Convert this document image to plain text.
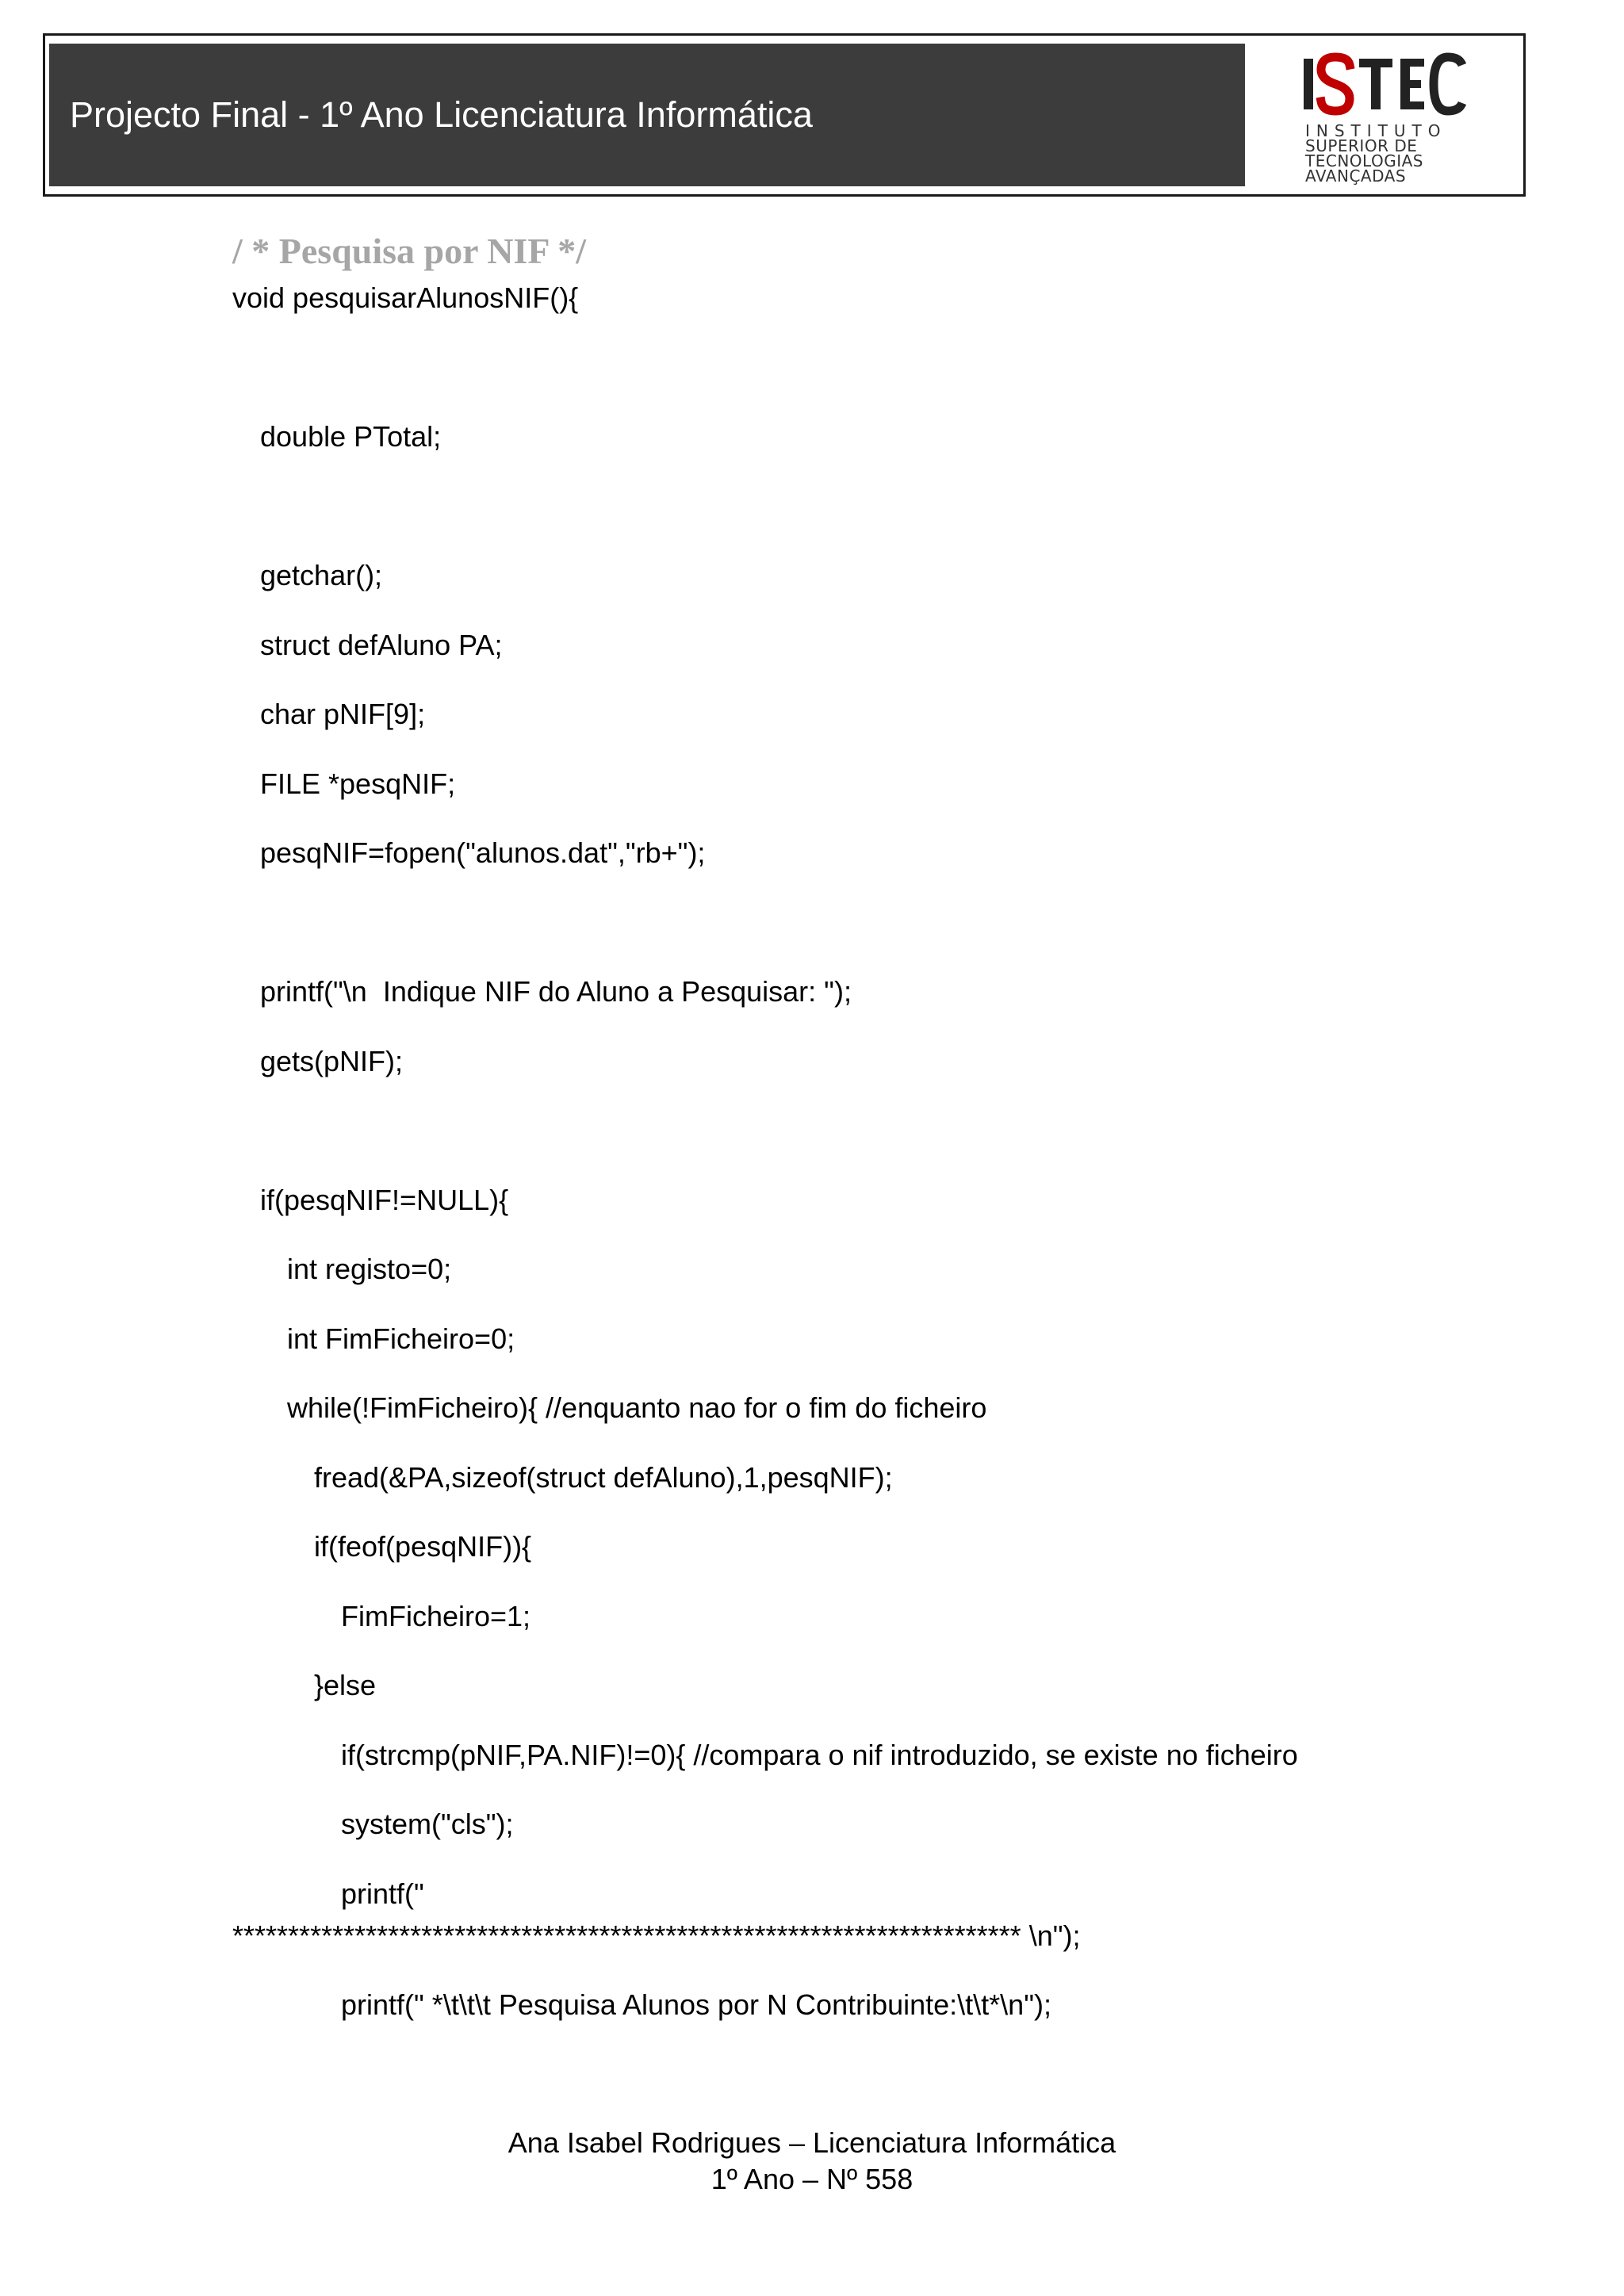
Projecto Final - 1º Ano Licenciatura Informática	INSTITUTO
SUPERIOR DE
TECNOLOGIAS
AVANÇADAS
/ * Pesquisa por NIF */
void pesquisarAlunosNIF(){
double PTotal;
getchar();
struct defAluno PA;
char pNIF[9];
FILE *pesqNIF;
pesqNIF=fopen("alunos.dat","rb+");
printf("\n  Indique NIF do Aluno a Pesquisar: ");
gets(pNIF);
if(pesqNIF!=NULL){
int registo=0;
int FimFicheiro=0;
while(!FimFicheiro){ //enquanto nao for o fim do ficheiro
fread(&PA,sizeof(struct defAluno),1,pesqNIF);
if(feof(pesqNIF)){
FimFicheiro=1;
}else
if(strcmp(pNIF,PA.NIF)!=0){ //compara o nif introduzido, se existe no ficheiro
system("cls");
printf("
*********************************************************************** \n");
printf(" *\t\t\t Pesquisa Alunos por N Contribuinte:\t\t*\n");
Ana Isabel Rodrigues – Licenciatura Informática
1º Ano – Nº 558
